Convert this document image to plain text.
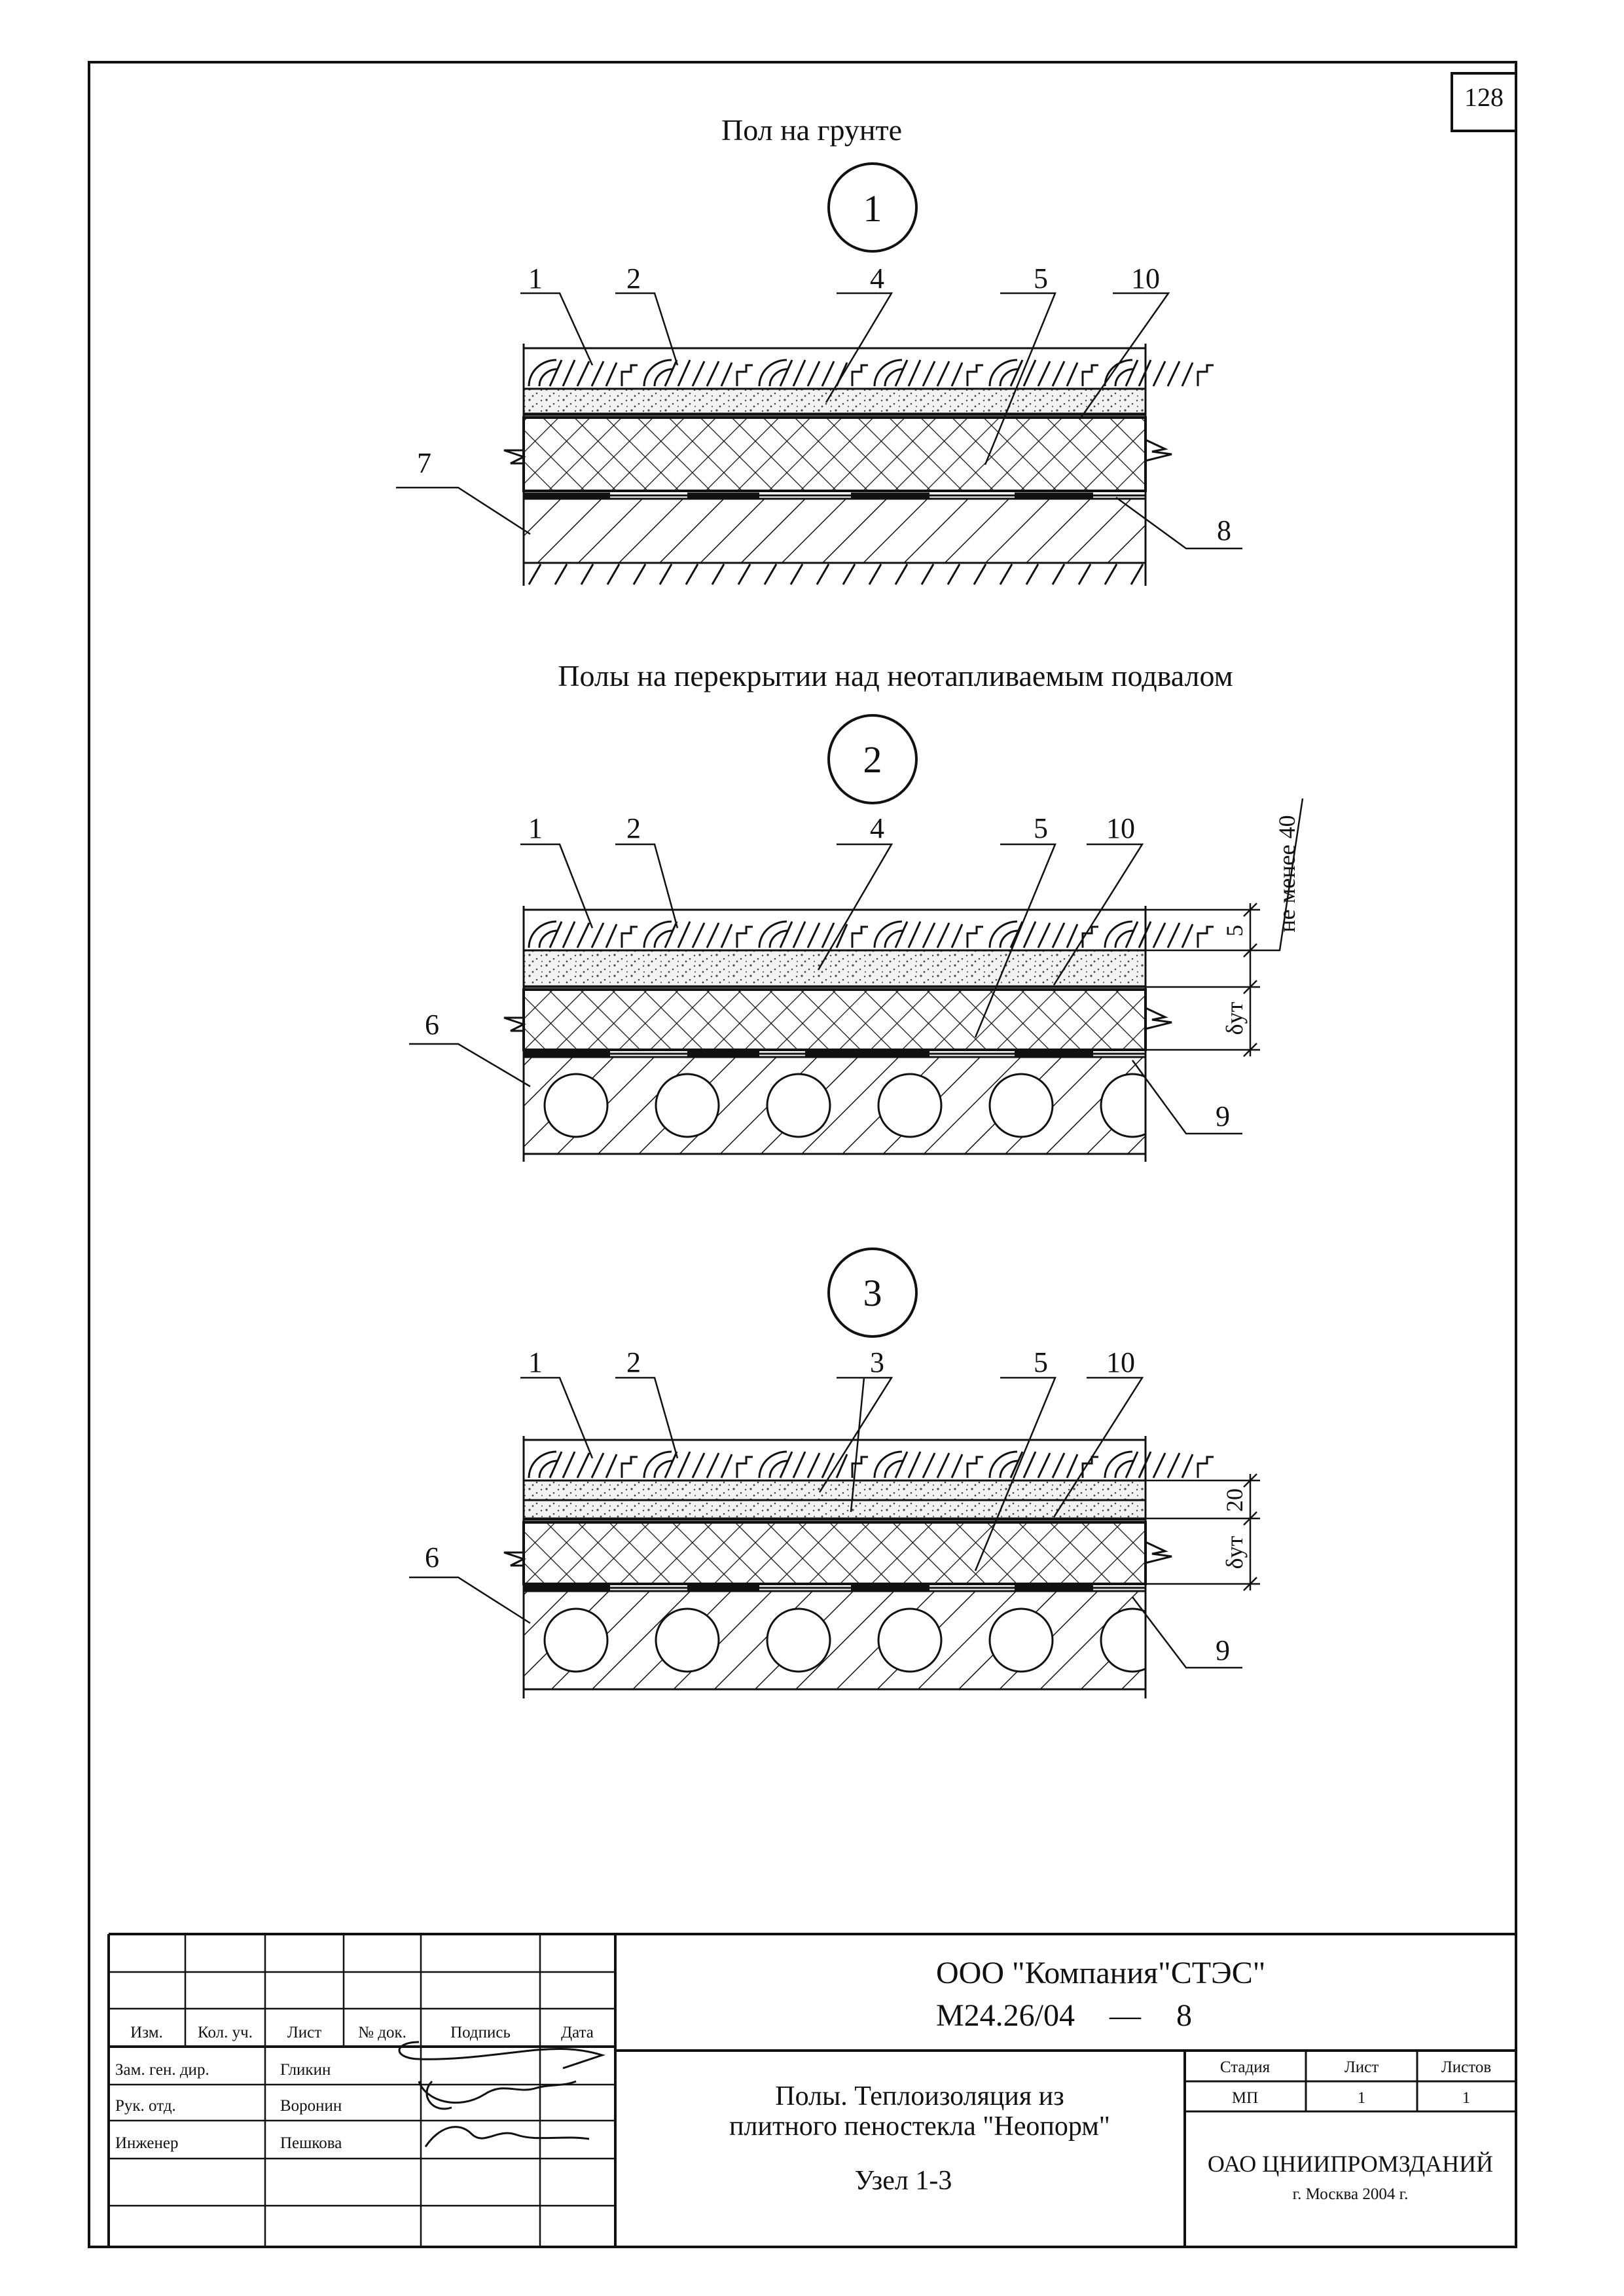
128
Пол на грунте
1
1	2	4	5	10
7
8
Полы на перекрытии над неотапливаемым подвалом
2
5
δут
не менее 40
1	2	4	5 10
6
9
3
20
δут
1	2	3	5 10
6
9
Изм. Кол. уч. Лист № док.	Подпись	Дата
Зам. ген. дир.	Гликин
Рук. отд.	Воронин
Инженер	Пешкова
ООО "Компания"СТЭС"
М24.26/04 — 8
Полы. Теплоизоляция из
плитного пеностекла "Неопорм"
Узел 1-3
Стадия	Лист	Листов
МП	1	1
ОАО ЦНИИПРОМЗДАНИЙ
г. Москва 2004 г.
